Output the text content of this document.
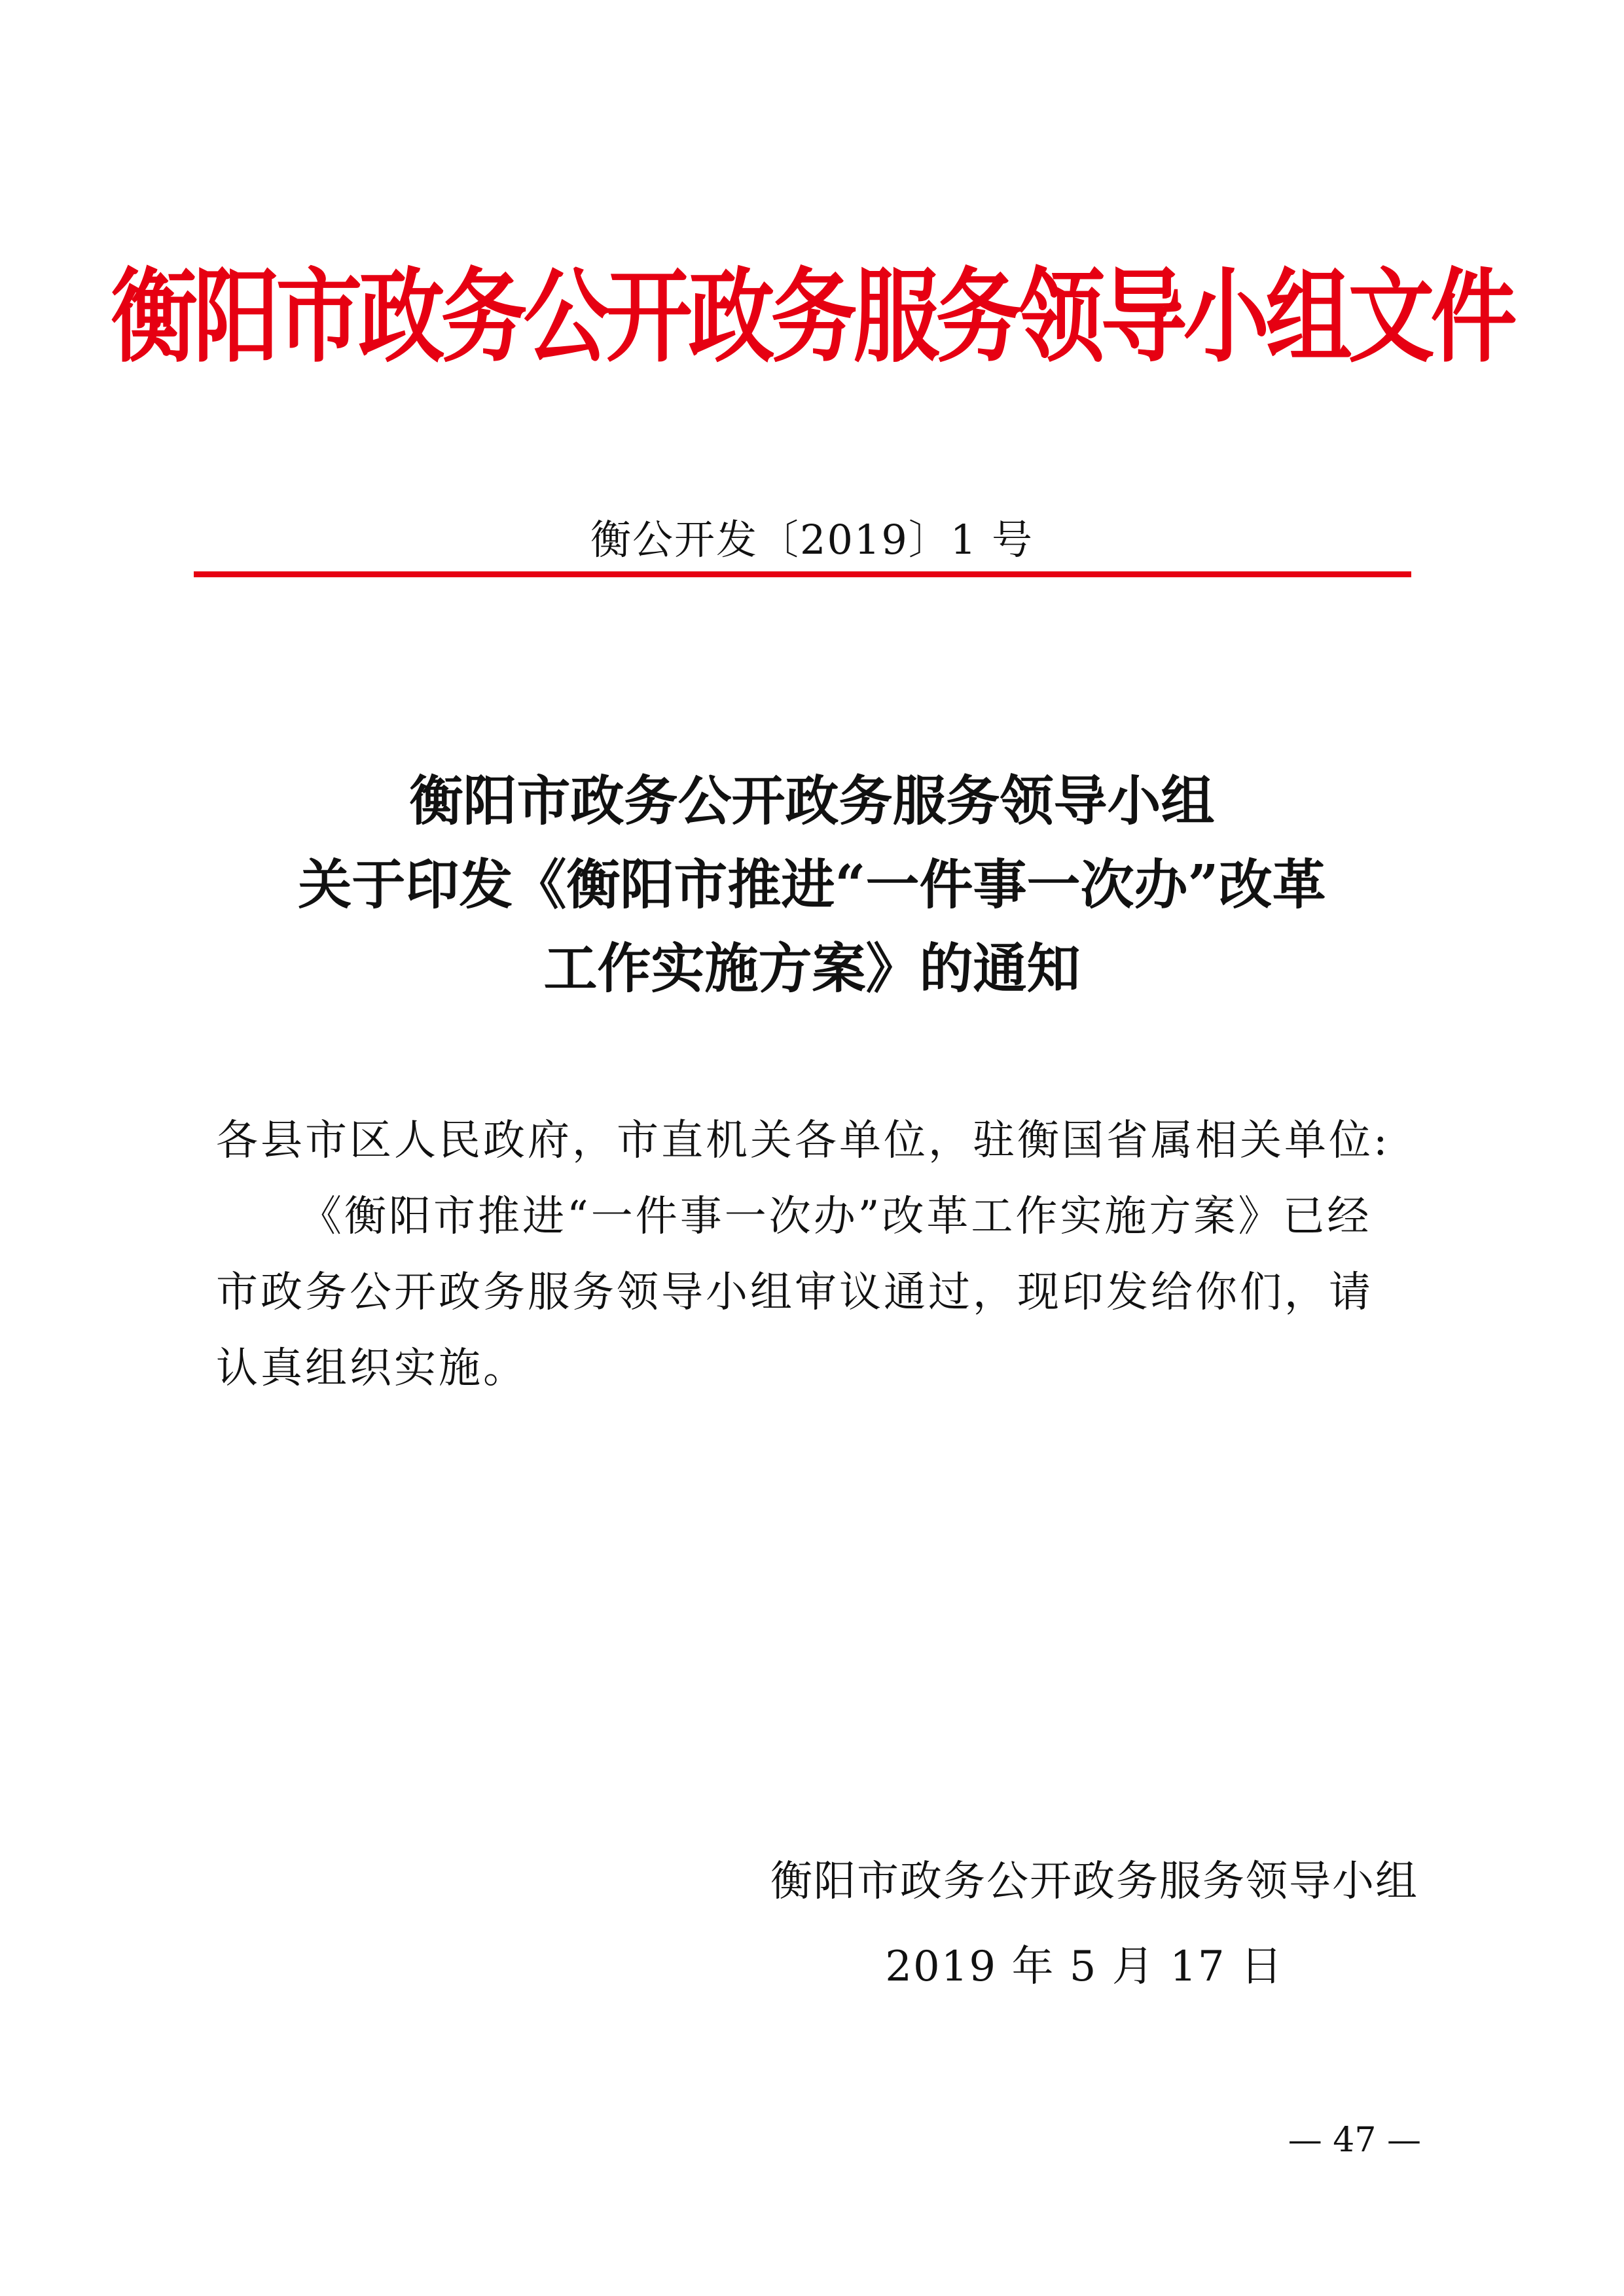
衡阳市政务公开政务服务领导小组文件
衡公开发〔2019〕1 号
衡阳市政务公开政务服务领导小组
关于印发《衡阳市推进“一件事一次办”改革
工作实施方案》的通知

各县市区人民政府，市直机关各单位，驻衡国省属相关单位:

《衡阳市推进“一件事一次办”改革工作实施方案》已经市政务公开政务服务领导小组审议通过，现印发给你们，请认真组织实施。

衡阳市政务公开政务服务领导小组
2019 年 5 月 17 日
— 47 —
